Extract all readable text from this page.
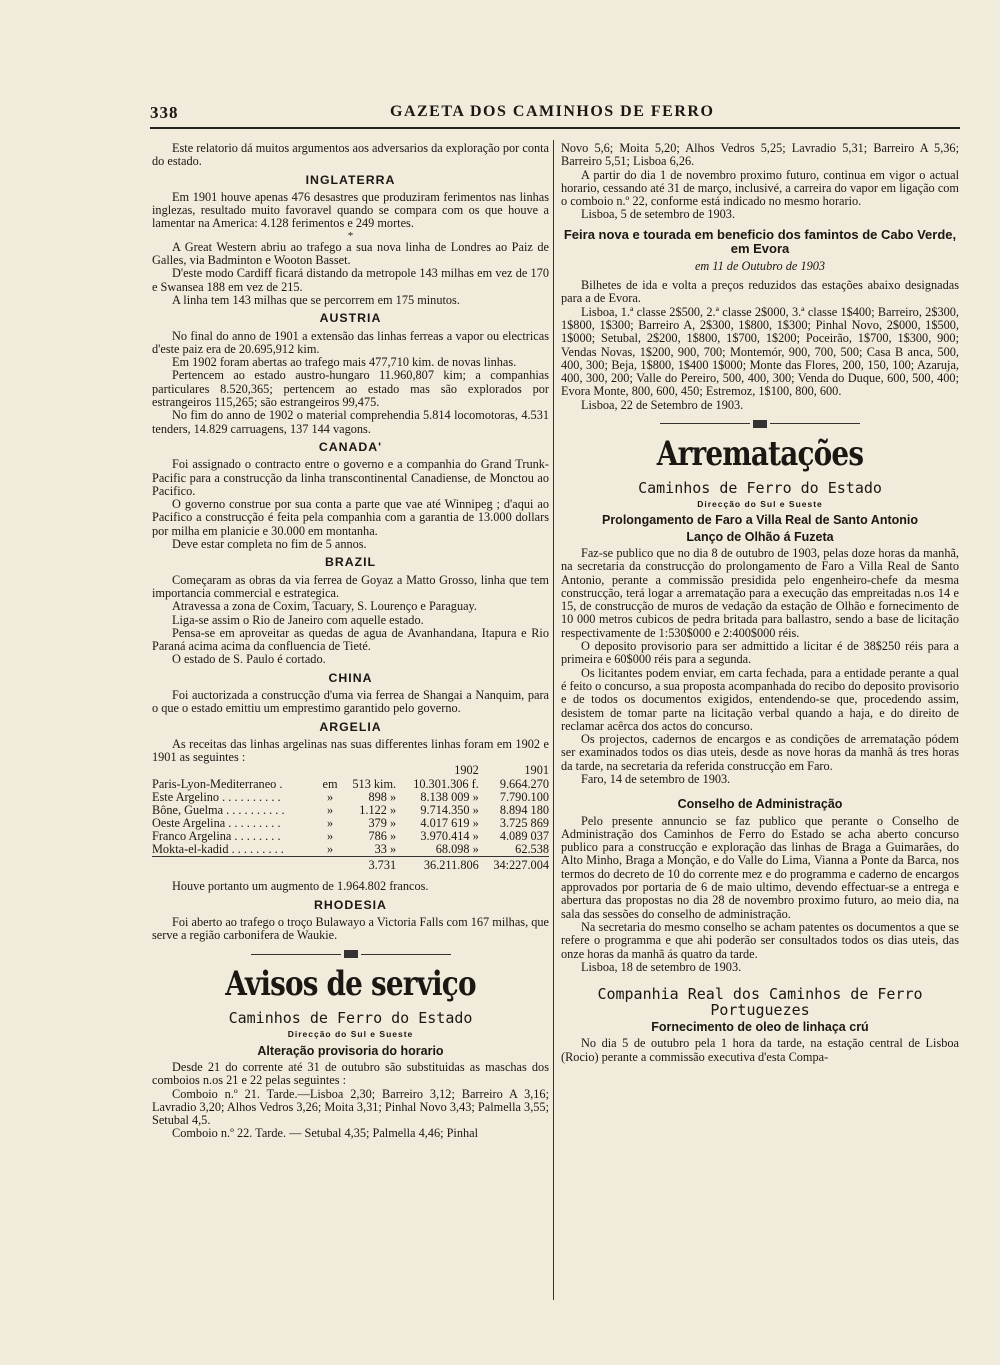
338	GAZETA DOS CAMINHOS DE FERRO

Este relatorio dá muitos argumentos aos adversarios da exploração por conta do estado.

INGLATERRA

Em 1901 houve apenas 476 desastres que produziram ferimentos nas linhas inglezas, resultado muito favoravel quando se compara com os que houve a lamentar na America: 4.128 ferimentos e 249 mortes.

*

A Great Western abriu ao trafego a sua nova linha de Londres ao Paiz de Galles, via Badminton e Wooton Basset.

D'este modo Cardiff ficará distando da metropole 143 milhas em vez de 170 e Swansea 188 em vez de 215.

A linha tem 143 milhas que se percorrem em 175 minutos.

AUSTRIA

No final do anno de 1901 a extensão das linhas ferreas a vapor ou electricas d'este paiz era de 20.695,912 kim.

Em 1902 foram abertas ao trafego mais 477,710 kim. de novas linhas.

Pertencem ao estado austro-hungaro 11.960,807 kim; a companhias particulares 8.520,365; pertencem ao estado mas são explorados por estrangeiros 115,265; são estrangeiros 99,475.

No fim do anno de 1902 o material comprehendia 5.814 locomotoras, 4.531 tenders, 14.829 carruagens, 137 144 vagons.

CANADA'

Foi assignado o contracto entre o governo e a companhia do Grand Trunk-Pacific para a construcção da linha transcontinental Canadiense, de Monctou ao Pacifico.

O governo construe por sua conta a parte que vae até Winnipeg ; d'aqui ao Pacifico a construcção é feita pela companhia com a garantia de 13.000 dollars por milha em planicie e 30.000 em montanha.

Deve estar completa no fim de 5 annos.

BRAZIL

Começaram as obras da via ferrea de Goyaz a Matto Grosso, linha que tem importancia commercial e estrategica.

Atravessa a zona de Coxim, Tacuary, S. Lourenço e Paraguay.

Liga-se assim o Rio de Janeiro com aquelle estado.

Pensa-se em aproveitar as quedas de agua de Avanhandana, Itapura e Rio Paraná acima acima da confluencia de Tieté.

O estado de S. Paulo é cortado.

CHINA

Foi auctorizada a construcção d'uma via ferrea de Shangai a Nanquim, para o que o estado emittiu um emprestimo garantido pelo governo.

ARGELIA

As receitas das linhas argelinas nas suas differentes linhas foram em 1902 e 1901 as seguintes :

			1902	1901
Paris-Lyon-Mediterraneo .	em	513 kim.	10.301.306 f.	9.664.270
Este Argelino . . . . . . . . . .	»	898 »	8.138 009 »	7.790.100
Bône, Guelma . . . . . . . . . .	»	1.122 »	9.714.350 »	8.894 180
Oeste Argelina . . . . . . . . .	»	379 »	4.017 619 »	3.725 869
Franco Argelina . . . . . . . .	»	786 »	3.970.414 »	4.089 037
Mokta-el-kadid . . . . . . . . .	»	33 »	68.098 »	62.538
		3.731	36.211.806	34:227.004

Houve portanto um augmento de 1.964.802 francos.

RHODESIA

Foi aberto ao trafego o troço Bulawayo a Victoria Falls com 167 milhas, que serve a região carbonifera de Waukie.

Avisos de serviço
Caminhos de Ferro do Estado
Direcção do Sul e Sueste
Alteração provisoria do horario

Desde 21 do corrente até 31 de outubro são substituidas as maschas dos comboios n.os 21 e 22 pelas seguintes :

Comboio n.º 21. Tarde.—Lisboa 2,30; Barreiro 3,12; Barreiro A 3,16; Lavradio 3,20; Alhos Vedros 3,26; Moita 3,31; Pinhal Novo 3,43; Palmella 3,55; Setubal 4,5.

Comboio n.º 22. Tarde. — Setubal 4,35; Palmella 4,46; Pinhal

Novo 5,6; Moita 5,20; Alhos Vedros 5,25; Lavradio 5,31; Barreiro A 5,36; Barreiro 5,51; Lisboa 6,26.

A partir do dia 1 de novembro proximo futuro, continua em vigor o actual horario, cessando até 31 de março, inclusivé, a carreira do vapor em ligação com o comboio n.º 22, conforme está indicado no mesmo horario.

Lisboa, 5 de setembro de 1903.

Feira nova e tourada em beneficio dos famintos de Cabo Verde, em Evora
em 11 de Outubro de 1903

Bilhetes de ida e volta a preços reduzidos das estações abaixo designadas para a de Evora.

Lisboa, 1.ª classe 2$500, 2.ª classe 2$000, 3.ª classe 1$400; Barreiro, 2$300, 1$800, 1$300; Barreiro A, 2$300, 1$800, 1$300; Pinhal Novo, 2$000, 1$500, 1$000; Setubal, 2$200, 1$800, 1$700, 1$200; Poceirão, 1$700, 1$300, 900; Vendas Novas, 1$200, 900, 700; Montemór, 900, 700, 500; Casa B anca, 500, 400, 300; Beja, 1$800, 1$400 1$000; Monte das Flores, 200, 150, 100; Azaruja, 400, 300, 200; Valle do Pereiro, 500, 400, 300; Venda do Duque, 600, 500, 400; Evora Monte, 800, 600, 450; Estremoz, 1$100, 800, 600.

Lisboa, 22 de Setembro de 1903.

Arrematações
Caminhos de Ferro do Estado
Direcção do Sul e Sueste
Prolongamento de Faro a Villa Real de Santo Antonio
Lanço de Olhão á Fuzeta

Faz-se publico que no dia 8 de outubro de 1903, pelas doze horas da manhã, na secretaria da construcção do prolongamento de Faro a Villa Real de Santo Antonio, perante a commissão presidida pelo engenheiro-chefe da mesma construcção, terá logar a arrematação para a execução das empreitadas n.os 14 e 15, de construcção de muros de vedação da estação de Olhão e fornecimento de 10 000 metros cubicos de pedra britada para ballastro, sendo a base de licitação respectivamente de 1:530$000 e 2:400$000 réis.

O deposito provisorio para ser admittido a licitar é de 38$250 réis para a primeira e 60$000 réis para a segunda.

Os licitantes podem enviar, em carta fechada, para a entidade perante a qual é feito o concurso, a sua proposta acompanhada do recibo do deposito provisorio e de todos os documentos exigidos, entendendo-se que, procedendo assim, desistem de tomar parte na licitação verbal quando a haja, e do direito de reclamar acêrca dos actos do concurso.

Os projectos, cadernos de encargos e as condições de arrematação pódem ser examinados todos os dias uteis, desde as nove horas da manhã ás tres horas da tarde, na secretaria da referida construcção em Faro.

Faro, 14 de setembro de 1903.

Conselho de Administração

Pelo presente annuncio se faz publico que perante o Conselho de Administração dos Caminhos de Ferro do Estado se acha aberto concurso publico para a construcção e exploração das linhas de Braga a Guimarães, do Alto Minho, Braga a Monção, e do Valle do Lima, Vianna a Ponte da Barca, nos termos do decreto de 10 do corrente mez e do programma e caderno de encargos approvados por portaria de 6 de maio ultimo, devendo effectuar-se a entrega e abertura das propostas no dia 28 de novembro proximo futuro, ao meio dia, na sala das sessões do conselho de administração.

Na secretaria do mesmo conselho se acham patentes os documentos a que se refere o programma e que ahi poderão ser consultados todos os dias uteis, das onze horas da manhã ás quatro da tarde.

Lisboa, 18 de setembro de 1903.

Companhia Real dos Caminhos de Ferro Portuguezes
Fornecimento de oleo de linhaça crú

No dia 5 de outubro pela 1 hora da tarde, na estação central de Lisboa (Rocio) perante a commissão executiva d'esta Compa-
